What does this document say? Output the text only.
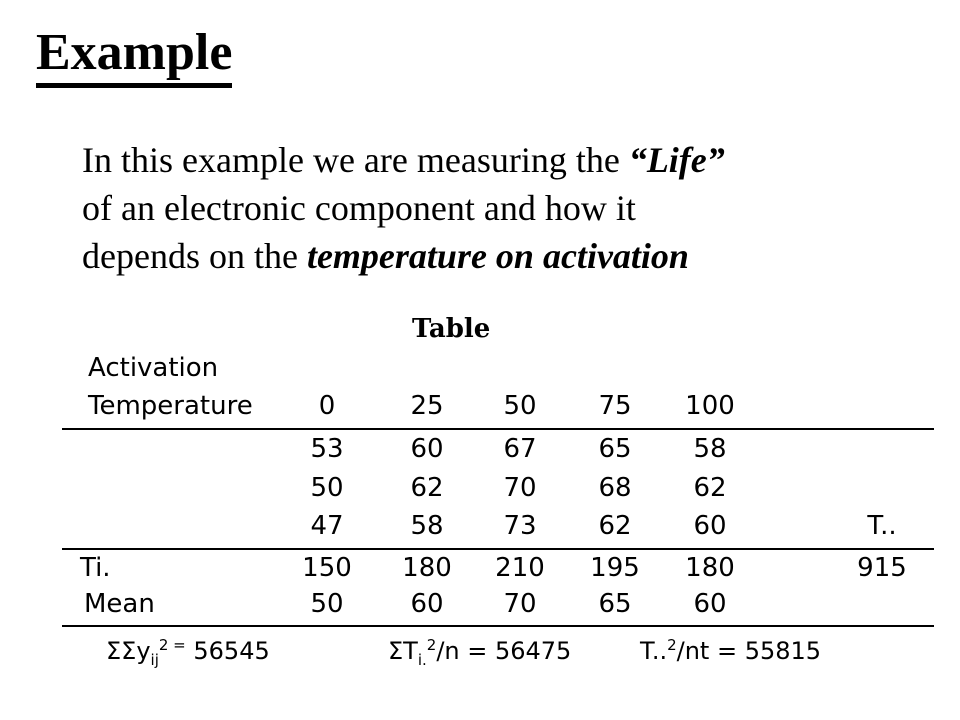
Example
In this example we are measuring the “Life”
of an electronic component and how it
depends on the temperature on activation
Table
Activation
Temperature	0	25 50 75 100
53	60 67 65 58
50	62 70 68 62
47	58 73 62 60	T..
Ti.	150 180 210 195 180	915
Mean	50	60 70 65 60
ΣΣy$_{ij}^{2 =}$ 56545	$\Sigma T_{i.}^2/n = 56475$	T..$^2$/nt = 55815
